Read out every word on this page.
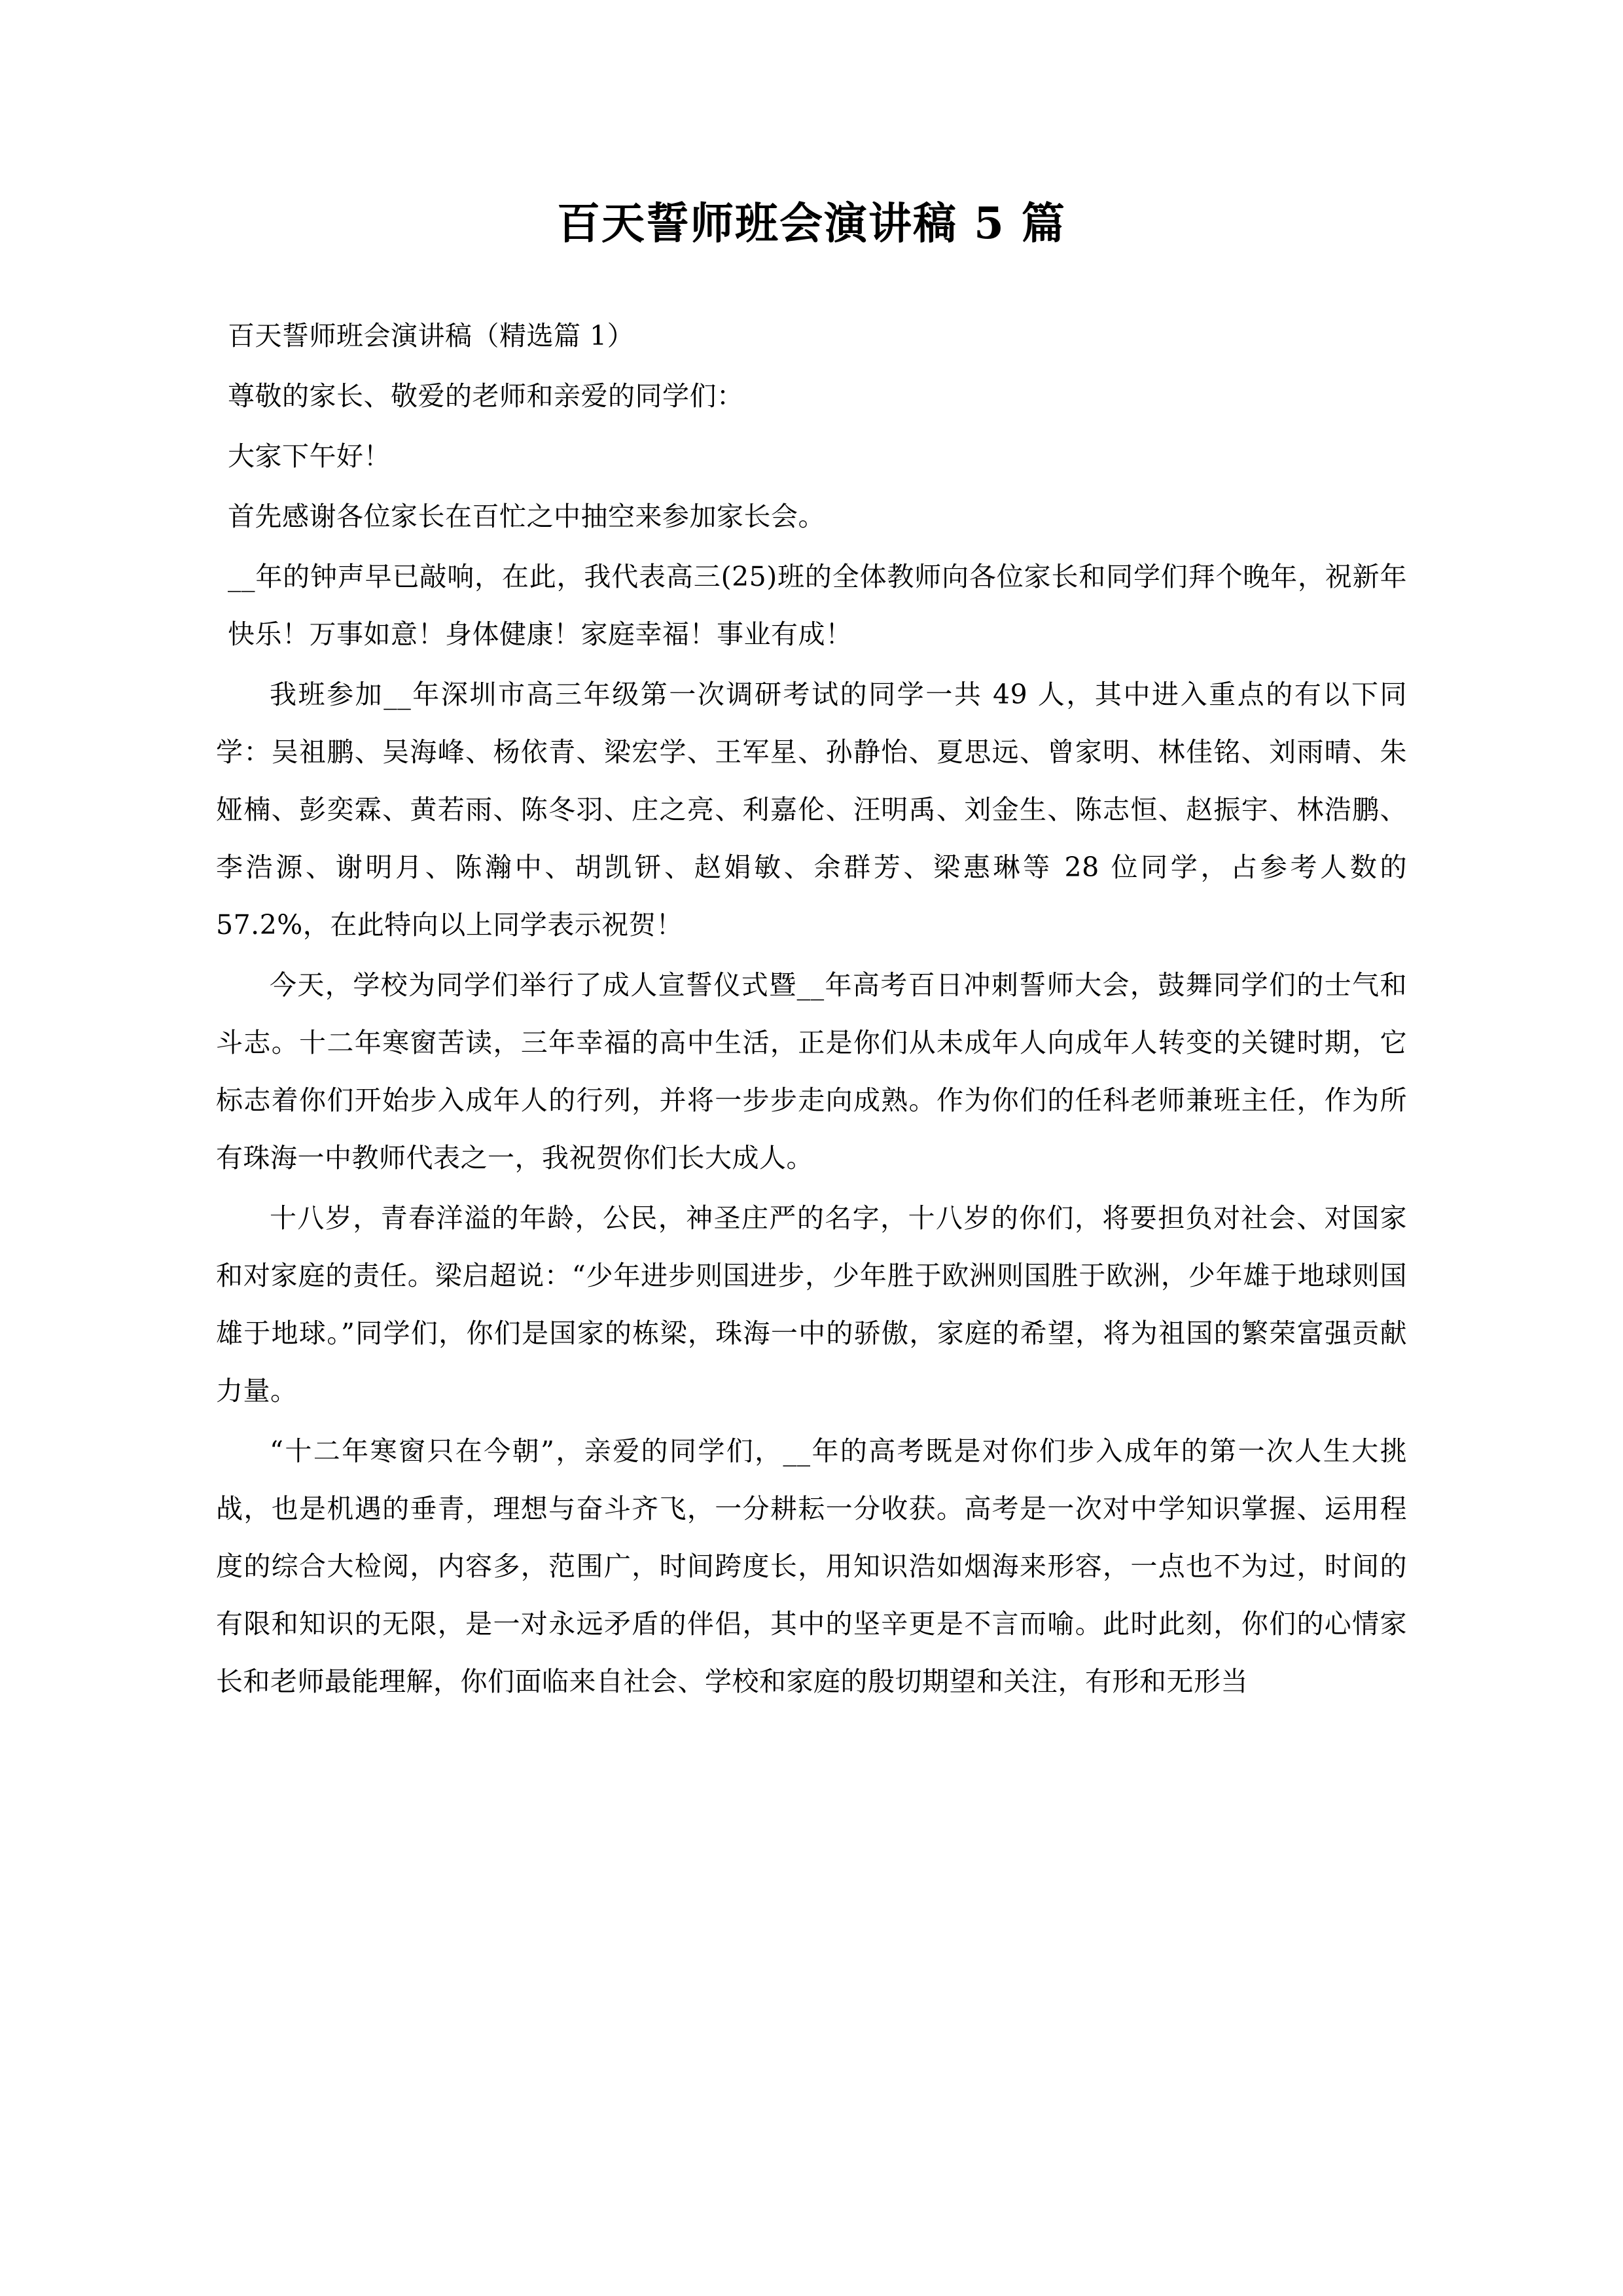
百天誓师班会演讲稿 5 篇

百天誓师班会演讲稿（精选篇 1）

尊敬的家长、敬爱的老师和亲爱的同学们：

大家下午好！

首先感谢各位家长在百忙之中抽空来参加家长会。

__年的钟声早已敲响，在此，我代表高三(25)班的全体教师向各位家长和同学们拜个晚年，祝新年快乐！万事如意！身体健康！家庭幸福！事业有成！

我班参加__年深圳市高三年级第一次调研考试的同学一共 49 人，其中进入重点的有以下同学：吴祖鹏、吴海峰、杨依青、梁宏学、王军星、孙静怡、夏思远、曾家明、林佳铭、刘雨晴、朱娅楠、彭奕霖、黄若雨、陈冬羽、庄之亮、利嘉伦、汪明禹、刘金生、陈志恒、赵振宇、林浩鹏、李浩源、谢明月、陈瀚中、胡凯钘、赵娟敏、余群芳、梁惠琳等 28 位同学，占参考人数的 57.2%，在此特向以上同学表示祝贺！

今天，学校为同学们举行了成人宣誓仪式暨__年高考百日冲刺誓师大会，鼓舞同学们的士气和斗志。十二年寒窗苦读，三年幸福的高中生活，正是你们从未成年人向成年人转变的关键时期，它标志着你们开始步入成年人的行列，并将一步步走向成熟。作为你们的任科老师兼班主任，作为所有珠海一中教师代表之一，我祝贺你们长大成人。

十八岁，青春洋溢的年龄，公民，神圣庄严的名字，十八岁的你们，将要担负对社会、对国家和对家庭的责任。梁启超说：“少年进步则国进步，少年胜于欧洲则国胜于欧洲，少年雄于地球则国雄于地球。”同学们，你们是国家的栋梁，珠海一中的骄傲，家庭的希望，将为祖国的繁荣富强贡献力量。

“十二年寒窗只在今朝”，亲爱的同学们，__年的高考既是对你们步入成年的第一次人生大挑战，也是机遇的垂青，理想与奋斗齐飞，一分耕耘一分收获。高考是一次对中学知识掌握、运用程度的综合大检阅，内容多，范围广，时间跨度长，用知识浩如烟海来形容，一点也不为过，时间的有限和知识的无限，是一对永远矛盾的伴侣，其中的坚辛更是不言而喻。此时此刻，你们的心情家长和老师最能理解，你们面临来自社会、学校和家庭的殷切期望和关注，有形和无形当
